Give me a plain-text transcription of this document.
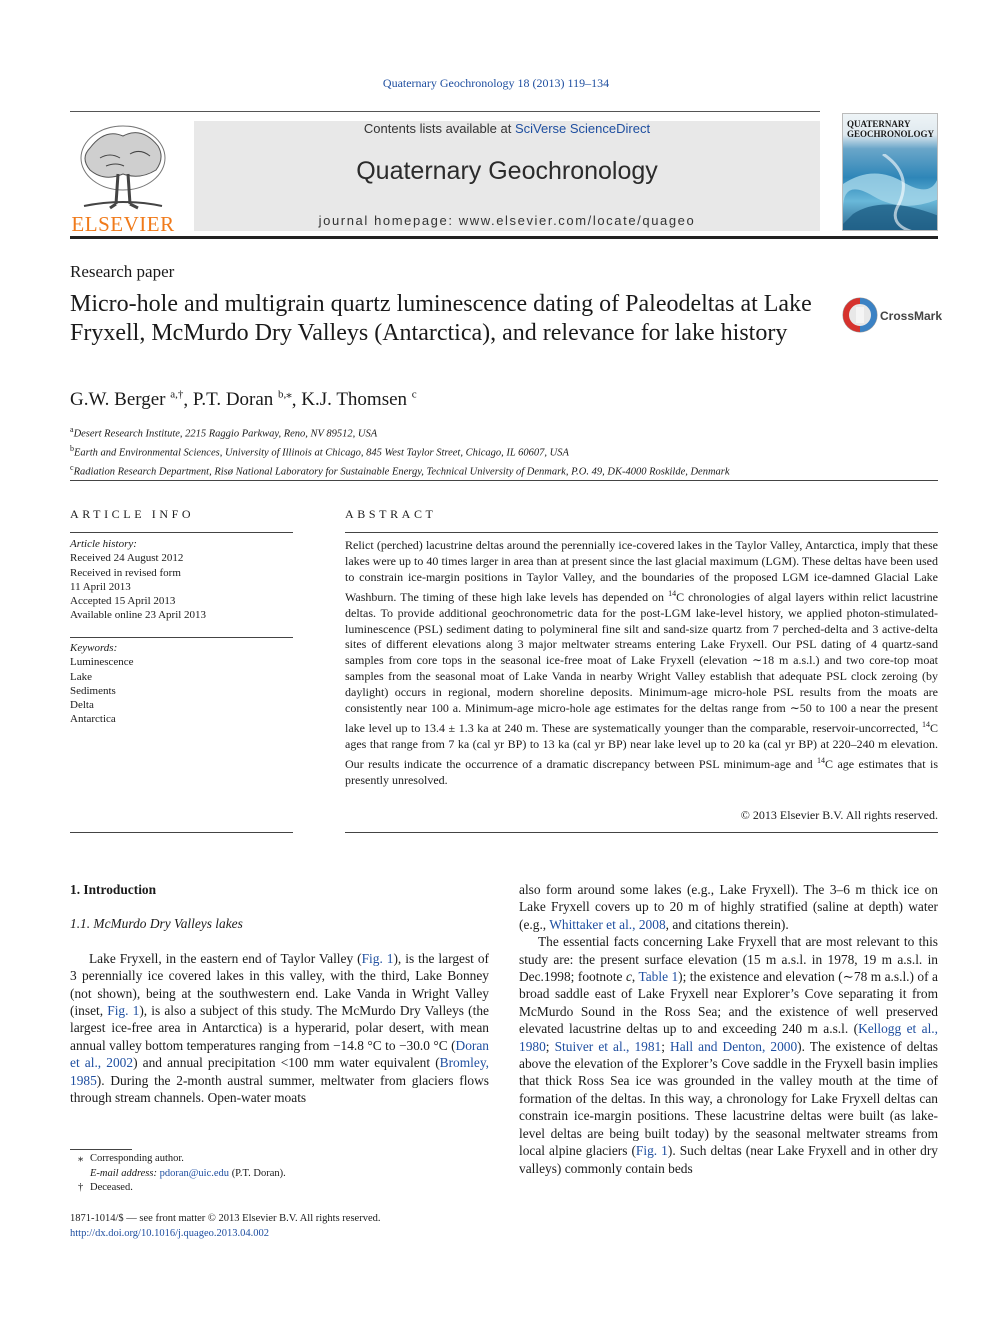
Quaternary Geochronology 18 (2013) 119–134
ELSEVIER
Contents lists available at SciVerse ScienceDirect
Quaternary Geochronology
journal homepage: www.elsevier.com/locate/quageo
QUATERNARY
GEOCHRONOLOGY
Research paper
Micro-hole and multigrain quartz luminescence dating of Paleodeltas at Lake Fryxell, McMurdo Dry Valleys (Antarctica), and relevance for lake history
CrossMark
G.W. Berger $^{a,\dagger}$, P.T. Doran $^{b,⁎}$, K.J. Thomsen $^c$
$^a$Desert Research Institute, 2215 Raggio Parkway, Reno, NV 89512, USA
$^b$Earth and Environmental Sciences, University of Illinois at Chicago, 845 West Taylor Street, Chicago, IL 60607, USA
$^c$Radiation Research Department, Risø National Laboratory for Sustainable Energy, Technical University of Denmark, P.O. 49, DK-4000 Roskilde, Denmark
ARTICLE INFO
Article history:
Received 24 August 2012
Received in revised form
11 April 2013
Accepted 15 April 2013
Available online 23 April 2013
Keywords:
Luminescence
Lake
Sediments
Delta
Antarctica
ABSTRACT
Relict (perched) lacustrine deltas around the perennially ice-covered lakes in the Taylor Valley, Antarctica, imply that these lakes were up to 40 times larger in area than at present since the last glacial maximum (LGM). These deltas have been used to constrain ice-margin positions in Taylor Valley, and the boundaries of the proposed LGM ice-damned Glacial Lake Washburn. The timing of these high lake levels has depended on $^{14}$C chronologies of algal layers within relict lacustrine deltas. To provide additional geochronometric data for the post-LGM lake-level history, we applied photon-stimulated-luminescence (PSL) sediment dating to polymineral fine silt and sand-size quartz from 7 perched-delta and 3 active-delta sites of different elevations along 3 major meltwater streams entering Lake Fryxell. Our PSL dating of 4 quartz-sand samples from core tops in the seasonal ice-free moat of Lake Fryxell (elevation ∼18 m a.s.l.) and two core-top moat samples from the seasonal moat of Lake Vanda in nearby Wright Valley establish that adequate PSL clock zeroing (by daylight) occurs in regional, modern shoreline deposits. Minimum-age micro-hole PSL results from the moats are consistently near 100 a. Minimum-age micro-hole age estimates for the deltas range from ∼50 to 100 a near the present lake level up to 13.4 ± 1.3 ka at 240 m. These are systematically younger than the comparable, reservoir-uncorrected, $^{14}$C ages that range from 7 ka (cal yr BP) to 13 ka (cal yr BP) near lake level up to 20 ka (cal yr BP) at 220–240 m elevation. Our results indicate the occurrence of a dramatic discrepancy between PSL minimum-age and $^{14}$C age estimates that is presently unresolved.
© 2013 Elsevier B.V. All rights reserved.

1. Introduction

1.1. McMurdo Dry Valleys lakes

Lake Fryxell, in the eastern end of Taylor Valley (Fig. 1), is the largest of 3 perennially ice covered lakes in this valley, with the third, Lake Bonney (not shown), being at the southwestern end. Lake Vanda in Wright Valley (inset, Fig. 1), is also a subject of this study. The McMurdo Dry Valleys (the largest ice-free area in Antarctica) is a hyperarid, polar desert, with mean annual valley bottom temperatures ranging from −14.8 °C to −30.0 °C (Doran et al., 2002) and annual precipitation <100 mm water equivalent (Bromley, 1985). During the 2-month austral summer, meltwater from glaciers flows through stream channels. Open-water moats

also form around some lakes (e.g., Lake Fryxell). The 3–6 m thick ice on Lake Fryxell covers up to 20 m of highly stratified (saline at depth) water (e.g., Whittaker et al., 2008, and citations therein).

The essential facts concerning Lake Fryxell that are most relevant to this study are: the present surface elevation (15 m a.s.l. in 1978, 19 m a.s.l. in Dec.1998; footnote c, Table 1); the existence and elevation (∼78 m a.s.l.) of a broad saddle east of Lake Fryxell near Explorer’s Cove separating it from McMurdo Sound in the Ross Sea; and the existence of well preserved elevated lacustrine deltas up to and exceeding 240 m a.s.l. (Kellogg et al., 1980; Stuiver et al., 1981; Hall and Denton, 2000). The existence of deltas above the elevation of the Explorer’s Cove saddle in the Fryxell basin implies that thick Ross Sea ice was grounded in the valley mouth at the time of formation of the deltas. In this way, a chronology for Lake Fryxell deltas can constrain ice-margin positions. These lacustrine deltas were built (as lake-level deltas are being built today) by the seasonal meltwater streams from local alpine glaciers (Fig. 1). Such deltas (near Lake Fryxell and in other dry valleys) commonly contain beds

⁎ Corresponding author.
E-mail address: pdoran@uic.edu (P.T. Doran).
† Deceased.
1871-1014/$ — see front matter © 2013 Elsevier B.V. All rights reserved.
http://dx.doi.org/10.1016/j.quageo.2013.04.002
